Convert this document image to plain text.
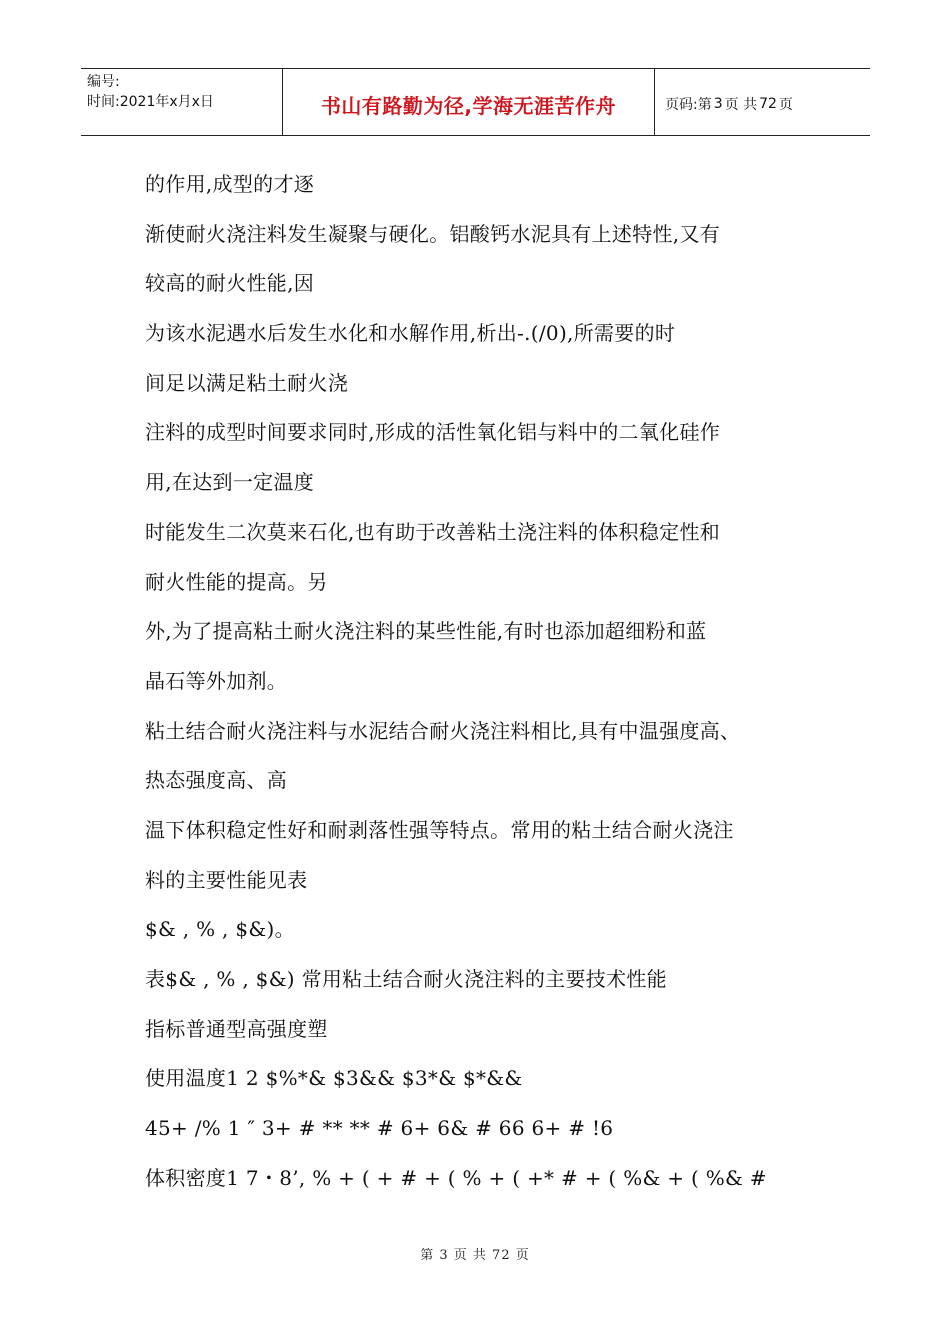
编号:
时间:2021年x月x日	书山有路勤为径,学海无涯苦作舟	页码:第 3 页 共 72 页
的作用,成型的才逐
渐使耐火浇注料发生凝聚与硬化。铝酸钙水泥具有上述特性,又有
较高的耐火性能,因
为该水泥遇水后发生水化和水解作用,析出-.(/0),所需要的时
间足以满足粘土耐火浇
注料的成型时间要求同时,形成的活性氧化铝与料中的二氧化硅作
用,在达到一定温度
时能发生二次莫来石化,也有助于改善粘土浇注料的体积稳定性和
耐火性能的提高。另
外,为了提高粘土耐火浇注料的某些性能,有时也添加超细粉和蓝
晶石等外加剂。
粘土结合耐火浇注料与水泥结合耐火浇注料相比,具有中温强度高、
热态强度高、高
温下体积稳定性好和耐剥落性强等特点。常用的粘土结合耐火浇注
料的主要性能见表
$& , % , $&)。
表$& , % , $&) 常用粘土结合耐火浇注料的主要技术性能
指标普通型高强度塑
使用温度1 2 $%*& $3&& $3*& $*&&
45+ /% 1 ″ 3+ # ** ** # 6+ 6& # 66 6+ # !6
体积密度1 7・8’, % + ( + # + ( % + ( +* # + ( %& + ( %& #
第 3 页 共 72 页
